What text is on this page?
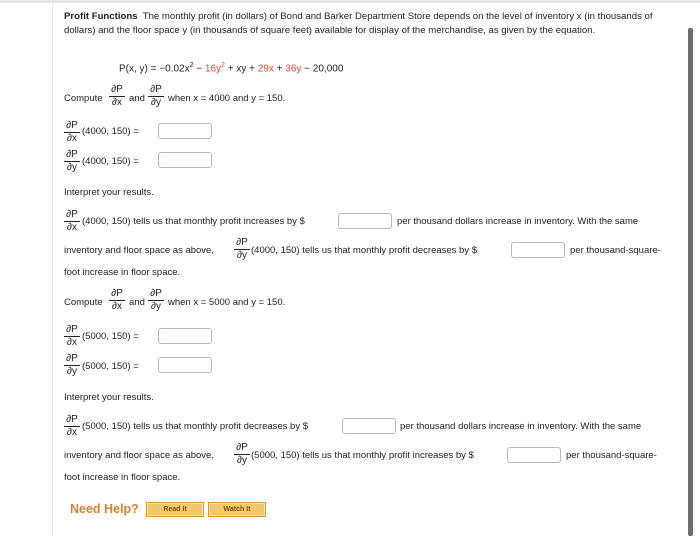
Profit Functions The monthly profit (in dollars) of Bond and Barker Department Store depends on the level of inventory x (in thousands of dollars) and the floor space y (in thousands of square feet) available for display of the merchandise, as given by the equation.
P(x, $y) = -0.02x^2 - 16y^2$ + xy + 29x + 36y − 20,000
Compute
∂P
∂x and
∂P
∂y when x = 4000 and y = 150.
∂P
∂x
(4000, 150) =
∂P
∂y
(4000, 150) =
Interpret your results.
∂P
∂x
(4000, 150) tells us that monthly profit increases by $	per thousand dollars increase in inventory. With the same
inventory and floor space as above,
∂P
∂y (4000, 150) tells us that monthly profit decreases by $	per thousand-square-
foot increase in floor space.
Compute
∂P
∂x and
∂P
∂y when x = 5000 and y = 150.
∂P
∂x
(5000, 150) =
∂P
∂y (5000, 150) =
Interpret your results.
∂P
∂x
(5000, 150) tells us that monthly profit decreases by $	per thousand dollars increase in inventory. With the same
inventory and floor space as above,
∂P
∂y (5000, 150) tells us that monthly profit increases by $	per thousand-square-
foot increase in floor space.
Need Help?	Read It	Watch It
